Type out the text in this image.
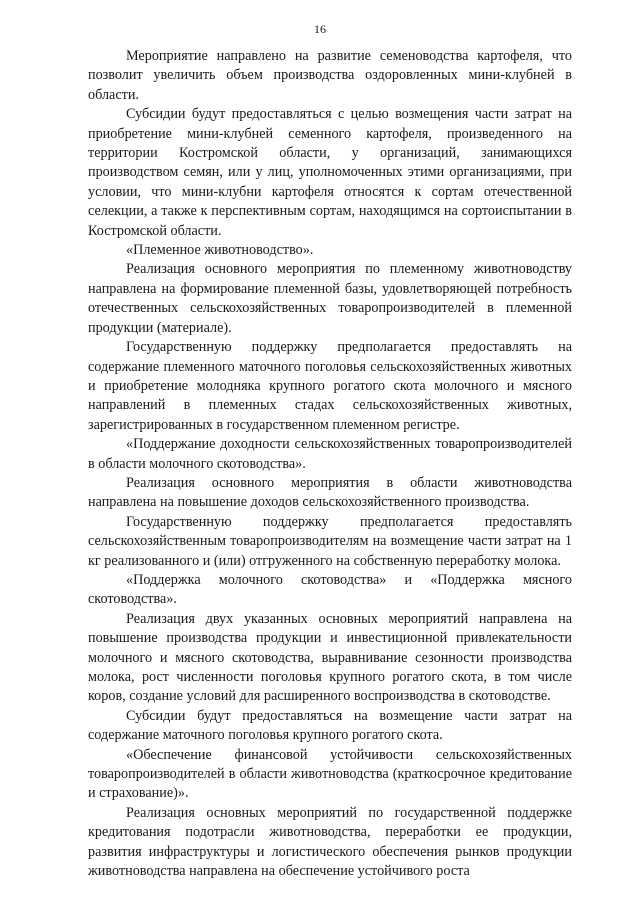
16

Мероприятие направлено на развитие семеноводства картофеля, что позволит увеличить объем производства оздоровленных мини-клубней в области.

Субсидии будут предоставляться с целью возмещения части затрат на приобретение мини-клубней семенного картофеля, произведенного на территории Костромской области, у организаций, занимающихся производством семян, или у лиц, уполномоченных этими организациями, при условии, что мини-клубни картофеля относятся к сортам отечественной селекции, а также к перспективным сортам, находящимся на сортоиспытании в Костромской области.

«Племенное животноводство».

Реализация основного мероприятия по племенному животноводству направлена на формирование племенной базы, удовлетворяющей потребность отечественных сельскохозяйственных товаропроизводителей в племенной продукции (материале).

Государственную поддержку предполагается предоставлять на содержание племенного маточного поголовья сельскохозяйственных животных и приобретение молодняка крупного рогатого скота молочного и мясного направлений в племенных стадах сельскохозяйственных животных, зарегистрированных в государственном племенном регистре.

«Поддержание доходности сельскохозяйственных товаропроизводителей в области молочного скотоводства».

Реализация основного мероприятия в области животноводства направлена на повышение доходов сельскохозяйственного производства.

Государственную поддержку предполагается предоставлять сельскохозяйственным товаропроизводителям на возмещение части затрат на 1 кг реализованного и (или) отгруженного на собственную переработку молока.

«Поддержка молочного скотоводства» и «Поддержка мясного скотоводства».

Реализация двух указанных основных мероприятий направлена на повышение производства продукции и инвестиционной привлекательности молочного и мясного скотоводства, выравнивание сезонности производства молока, рост численности поголовья крупного рогатого скота, в том числе коров, создание условий для расширенного воспроизводства в скотоводстве.

Субсидии будут предоставляться на возмещение части затрат на содержание маточного поголовья крупного рогатого скота.

«Обеспечение финансовой устойчивости сельскохозяйственных товаропроизводителей в области животноводства (краткосрочное кредитование и страхование)».

Реализация основных мероприятий по государственной поддержке кредитования подотрасли животноводства, переработки ее продукции, развития инфраструктуры и логистического обеспечения рынков продукции животноводства направлена на обеспечение устойчивого роста
